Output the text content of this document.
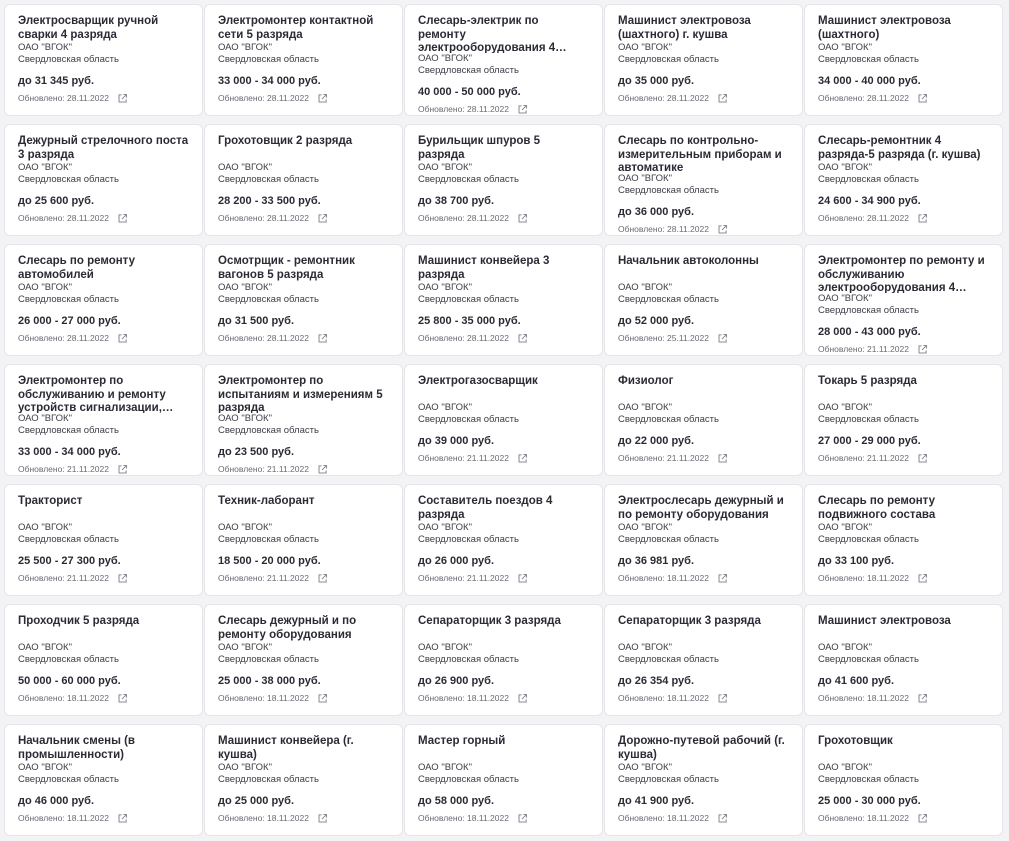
Электросварщик ручной сварки 4 разряда
ОАО "ВГОК"
Свердловская область
до 31 345 руб.
Обновлено: 28.11.2022
Электромонтер контактной сети 5 разряда
ОАО "ВГОК"
Свердловская область
33 000 - 34 000 руб.
Обновлено: 28.11.2022
Слесарь-электрик по ремонту электрооборудования 4…
ОАО "ВГОК"
Свердловская область
40 000 - 50 000 руб.
Обновлено: 28.11.2022
Машинист электровоза (шахтного) г. кушва
ОАО "ВГОК"
Свердловская область
до 35 000 руб.
Обновлено: 28.11.2022
Машинист электровоза (шахтного)
ОАО "ВГОК"
Свердловская область
34 000 - 40 000 руб.
Обновлено: 28.11.2022
Дежурный стрелочного поста 3 разряда
ОАО "ВГОК"
Свердловская область
до 25 600 руб.
Обновлено: 28.11.2022
Грохотовщик 2 разряда
ОАО "ВГОК"
Свердловская область
28 200 - 33 500 руб.
Обновлено: 28.11.2022
Бурильщик шпуров 5 разряда
ОАО "ВГОК"
Свердловская область
до 38 700 руб.
Обновлено: 28.11.2022
Слесарь по контрольно-измерительным приборам и автоматике
ОАО "ВГОК"
Свердловская область
до 36 000 руб.
Обновлено: 28.11.2022
Слесарь-ремонтник 4 разряда-5 разряда (г. кушва)
ОАО "ВГОК"
Свердловская область
24 600 - 34 900 руб.
Обновлено: 28.11.2022
Слесарь по ремонту автомобилей
ОАО "ВГОК"
Свердловская область
26 000 - 27 000 руб.
Обновлено: 28.11.2022
Осмотрщик - ремонтник вагонов 5 разряда
ОАО "ВГОК"
Свердловская область
до 31 500 руб.
Обновлено: 28.11.2022
Машинист конвейера 3 разряда
ОАО "ВГОК"
Свердловская область
25 800 - 35 000 руб.
Обновлено: 28.11.2022
Начальник автоколонны
ОАО "ВГОК"
Свердловская область
до 52 000 руб.
Обновлено: 25.11.2022
Электромонтер по ремонту и обслуживанию электрооборудования 4…
ОАО "ВГОК"
Свердловская область
28 000 - 43 000 руб.
Обновлено: 21.11.2022
Электромонтер по обслуживанию и ремонту устройств сигнализации,…
ОАО "ВГОК"
Свердловская область
33 000 - 34 000 руб.
Обновлено: 21.11.2022
Электромонтер по испытаниям и измерениям 5 разряда
ОАО "ВГОК"
Свердловская область
до 23 500 руб.
Обновлено: 21.11.2022
Электрогазосварщик
ОАО "ВГОК"
Свердловская область
до 39 000 руб.
Обновлено: 21.11.2022
Физиолог
ОАО "ВГОК"
Свердловская область
до 22 000 руб.
Обновлено: 21.11.2022
Токарь 5 разряда
ОАО "ВГОК"
Свердловская область
27 000 - 29 000 руб.
Обновлено: 21.11.2022
Тракторист
ОАО "ВГОК"
Свердловская область
25 500 - 27 300 руб.
Обновлено: 21.11.2022
Техник-лаборант
ОАО "ВГОК"
Свердловская область
18 500 - 20 000 руб.
Обновлено: 21.11.2022
Составитель поездов 4 разряда
ОАО "ВГОК"
Свердловская область
до 26 000 руб.
Обновлено: 21.11.2022
Электрослесарь дежурный и по ремонту оборудования
ОАО "ВГОК"
Свердловская область
до 36 981 руб.
Обновлено: 18.11.2022
Слесарь по ремонту подвижного состава
ОАО "ВГОК"
Свердловская область
до 33 100 руб.
Обновлено: 18.11.2022
Проходчик 5 разряда
ОАО "ВГОК"
Свердловская область
50 000 - 60 000 руб.
Обновлено: 18.11.2022
Слесарь дежурный и по ремонту оборудования
ОАО "ВГОК"
Свердловская область
25 000 - 38 000 руб.
Обновлено: 18.11.2022
Сепараторщик 3 разряда
ОАО "ВГОК"
Свердловская область
до 26 900 руб.
Обновлено: 18.11.2022
Сепараторщик 3 разряда
ОАО "ВГОК"
Свердловская область
до 26 354 руб.
Обновлено: 18.11.2022
Машинист электровоза
ОАО "ВГОК"
Свердловская область
до 41 600 руб.
Обновлено: 18.11.2022
Начальник смены (в промышленности)
ОАО "ВГОК"
Свердловская область
до 46 000 руб.
Обновлено: 18.11.2022
Машинист конвейера (г. кушва)
ОАО "ВГОК"
Свердловская область
до 25 000 руб.
Обновлено: 18.11.2022
Мастер горный
ОАО "ВГОК"
Свердловская область
до 58 000 руб.
Обновлено: 18.11.2022
Дорожно-путевой рабочий (г. кушва)
ОАО "ВГОК"
Свердловская область
до 41 900 руб.
Обновлено: 18.11.2022
Грохотовщик
ОАО "ВГОК"
Свердловская область
25 000 - 30 000 руб.
Обновлено: 18.11.2022
